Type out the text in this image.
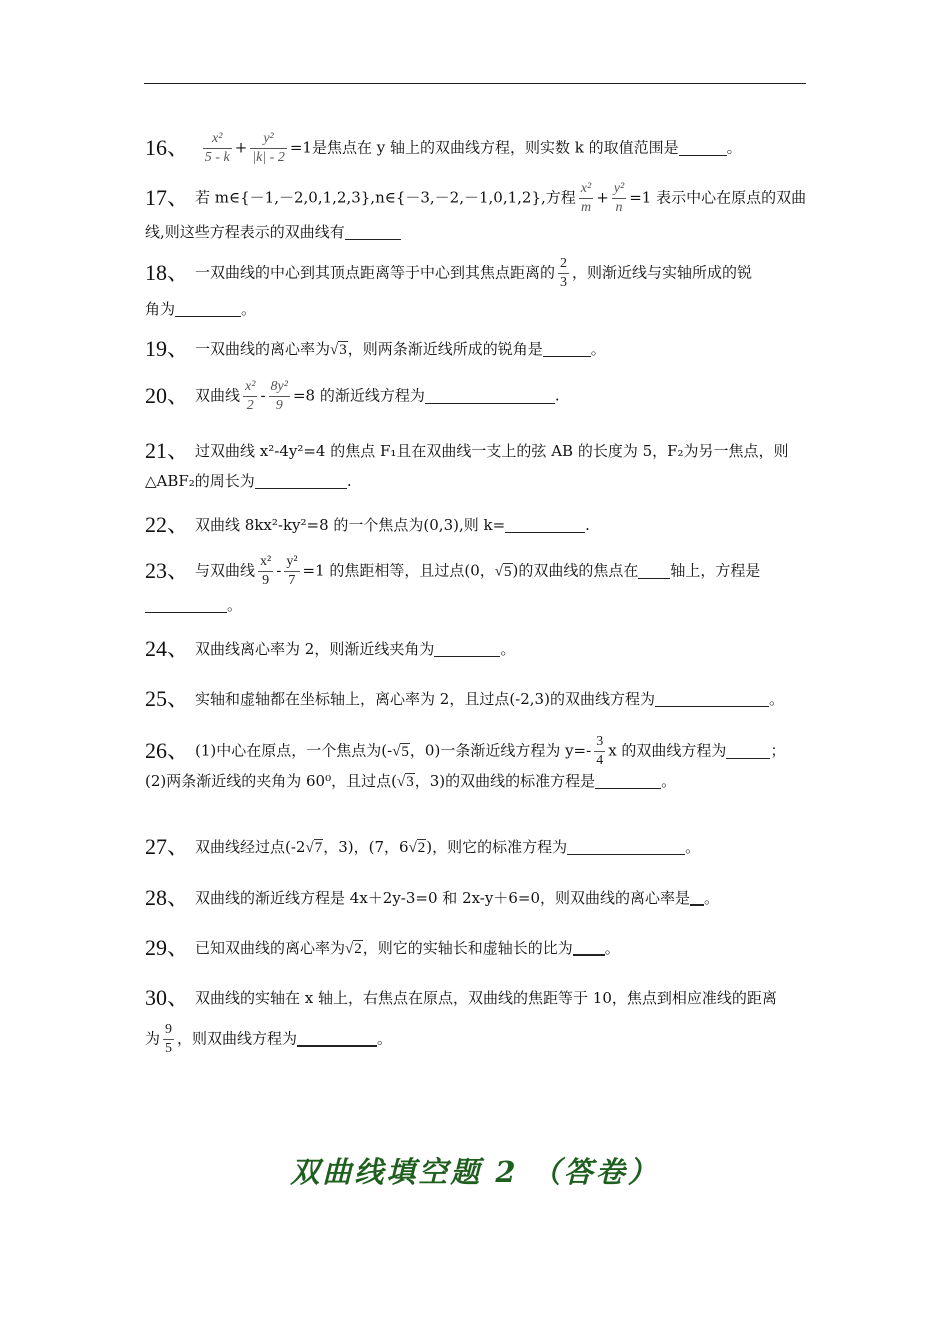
16、 $\frac{\text{x²}}{5 - k} + \frac{\text{y²}}{|k| - 2} =1$是焦点在 y 轴上的双曲线方程，则实数 k 的取值范围是	。
17、 若 m∈{－1,－2,0,1,2,3},n∈{－3,－2,－1,0,1,2},方程 $\frac{\text{x²}}{m} + \frac{\text{y²}}{n} =1$ 表示中心在原点的双曲
线,则这些方程表示的双曲线有
18、 一双曲线的中心到其顶点距离等于中心到其焦点距离的 $\frac{2}{3}$ ，则渐近线与实轴所成的锐
角为	。
19、 一双曲线的离心率为√3，则两条渐近线所成的锐角是	。
20、 双曲线 $\frac{\text{x²}}{2} - \frac{\text{8y²}}{9} =8$ 的渐近线方程为	.
21、 过双曲线 x²-4y²=4 的焦点 F₁且在双曲线一支上的弦 AB 的长度为 5，F₂为另一焦点，则
△ABF₂的周长为	.
22、 双曲线 8kx²-ky²=8 的一个焦点为(0,3),则 k=	.
23、 与双曲线 $\frac{\text{x²}}{9} - \frac{\text{y²}}{7} =1$ 的焦距相等，且过点(0，√5)的双曲线的焦点在 轴上，方程是
。
24、 双曲线离心率为 2，则渐近线夹角为	。
25、 实轴和虚轴都在坐标轴上，离心率为 2，且过点(-2,3)的双曲线方程为	。
26、 (1)中心在原点，一个焦点为(-√5，0)一条渐近线方程为 $y=- \frac{3}{4}$ x 的双曲线方程为	；
(2)两条渐近线的夹角为 60⁰，且过点(√3，3)的双曲线的标准方程是	。
27、 双曲线经过点(-2√7，3)，(7，6√2)，则它的标准方程为	。
28、 双曲线的渐近线方程是 4x＋2y-3=0 和 2x-y＋6=0，则双曲线的离心率是 。
29、 已知双曲线的离心率为√2，则它的实轴长和虚轴长的比为 。
30、 双曲线的实轴在 x 轴上，右焦点在原点，双曲线的焦距等于 10，焦点到相应准线的距离
为 $\frac{9}{5}$ ，则双曲线方程为	。
双曲线填空题 2 （答卷）
